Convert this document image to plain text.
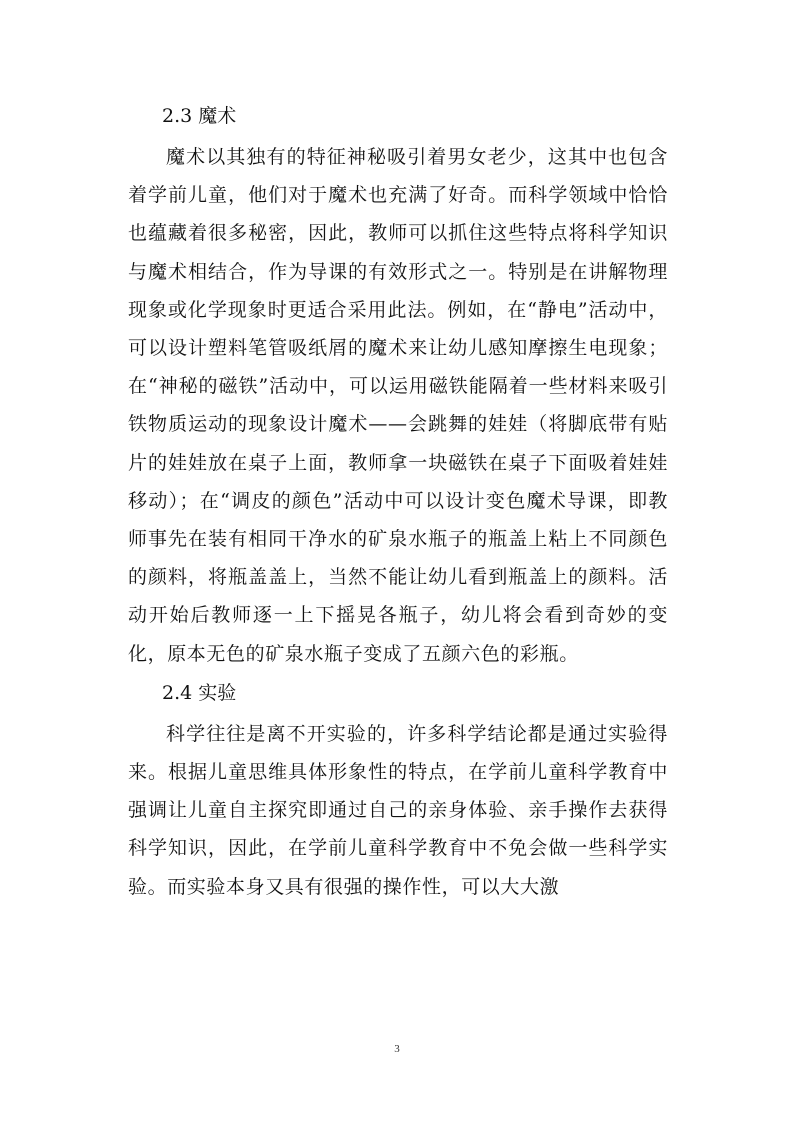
2.3 魔术

魔术以其独有的特征神秘吸引着男女老少，这其中也包含着学前儿童，他们对于魔术也充满了好奇。而科学领域中恰恰也蕴藏着很多秘密，因此，教师可以抓住这些特点将科学知识与魔术相结合，作为导课的有效形式之一。特别是在讲解物理现象或化学现象时更适合采用此法。例如，在“静电”活动中，可以设计塑料笔管吸纸屑的魔术来让幼儿感知摩擦生电现象；在“神秘的磁铁”活动中，可以运用磁铁能隔着一些材料来吸引铁物质运动的现象设计魔术——会跳舞的娃娃（将脚底带有贴片的娃娃放在桌子上面，教师拿一块磁铁在桌子下面吸着娃娃移动）；在“调皮的颜色”活动中可以设计变色魔术导课，即教师事先在装有相同干净水的矿泉水瓶子的瓶盖上粘上不同颜色的颜料，将瓶盖盖上，当然不能让幼儿看到瓶盖上的颜料。活动开始后教师逐一上下摇晃各瓶子，幼儿将会看到奇妙的变化，原本无色的矿泉水瓶子变成了五颜六色的彩瓶。

2.4 实验

科学往往是离不开实验的，许多科学结论都是通过实验得来。根据儿童思维具体形象性的特点，在学前儿童科学教育中强调让儿童自主探究即通过自己的亲身体验、亲手操作去获得科学知识，因此，在学前儿童科学教育中不免会做一些科学实验。而实验本身又具有很强的操作性，可以大大激

3
